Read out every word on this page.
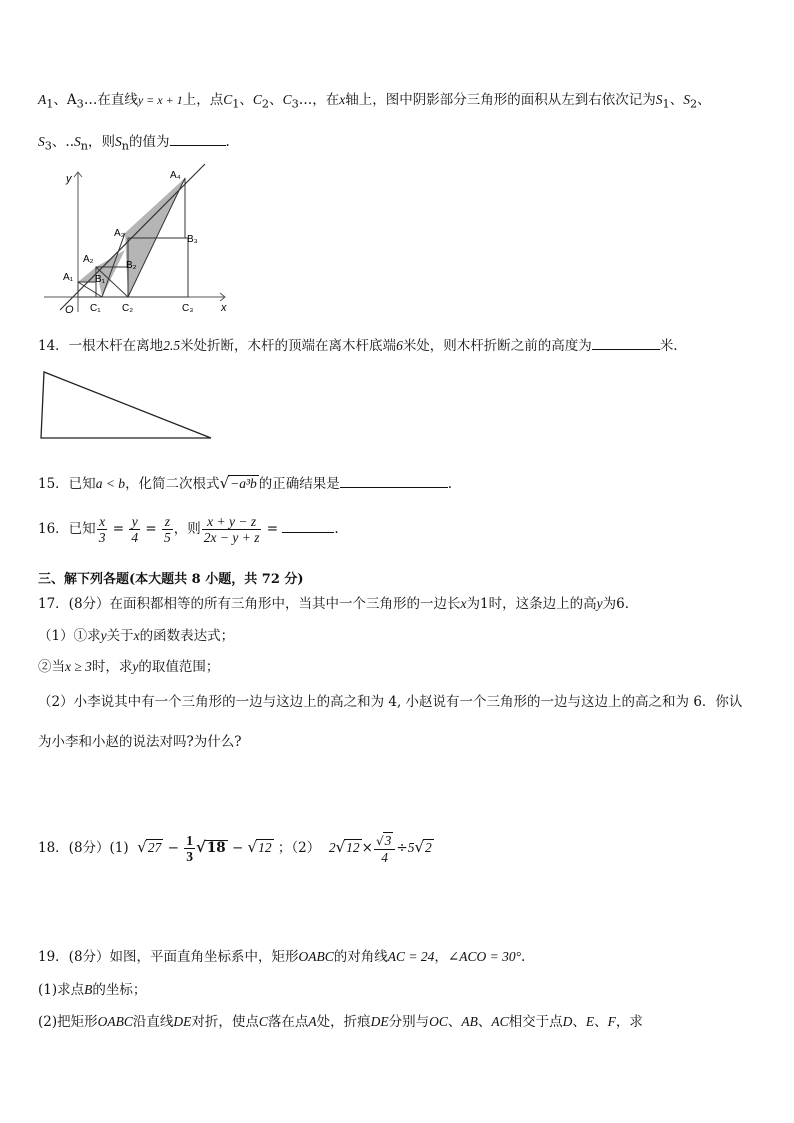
$A_1$、$A_3\dots$在直线y = x + 1上，点$C_1$、$C_2$、$C_3\dots$，在x轴上，图中阴影部分三角形的面积从左到右依次记为$S_1$、$S_2$、
$S_3$、$..S_n$，则$S_n$的值为	.
y
x
O
A₁
A₂
A₃
A₄
B₁
B₂
B₃
C₁ C₂	C₃
14．一根木杆在离地2.5米处折断，木杆的顶端在离木杆底端6米处，则木杆折断之前的高度为	米.
15．已知a < b，化简二次根式√−a³b 的正确结果是	.
16．已知 $\frac{x}{3} = \frac{y}{4} = \frac{z}{5}$ ，则 $\frac{x + y - z}{2x - y + z}$ =	.
三、解下列各题(本大题共 8 小题，共 72 分)
17．(8分）在面积都相等的所有三角形中，当其中一个三角形的一边长x为1时，这条边上的高y为6．
（1）①求y关于x的函数表达式；
②当x ≥ 3时，求y的取值范围；
（2）小李说其中有一个三角形的一边与这边上的高之和为 4, 小赵说有一个三角形的一边与这边上的高之和为 6．你认
为小李和小赵的说法对吗?为什么?
18．(8分）(1) $√27 - \frac{1}{3} √18 - √12$ ；（2） $2√12 \times \frac{√3}{4} \div 5√2$
19．(8分）如图，平面直角坐标系中，矩形OABC的对角线AC = 24，∠ACO = 30°.
(1)求点B的坐标；
(2)把矩形OABC沿直线DE对折，使点C落在点A处，折痕DE分别与OC、AB、AC相交于点D、E、F，求
